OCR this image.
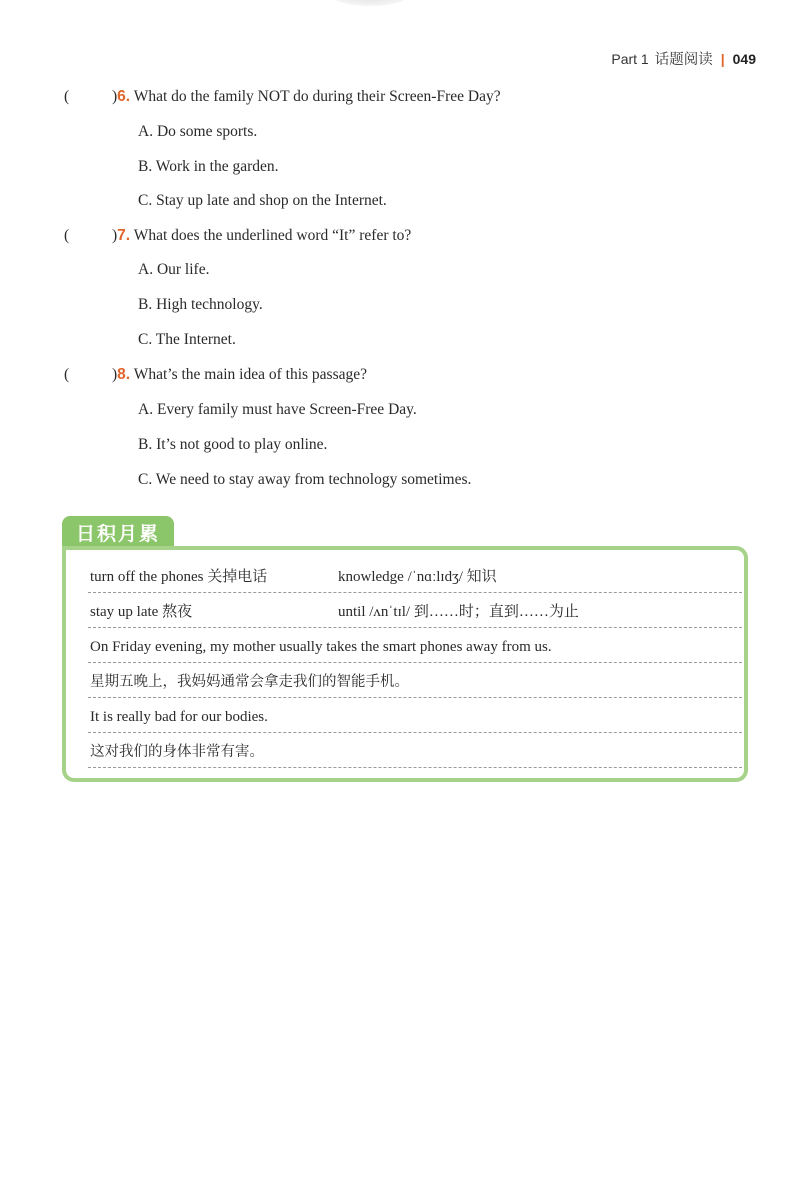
Part 1 话题阅读 | 049
(	)6. What do the family NOT do during their Screen-Free Day?
A. Do some sports.
B. Work in the garden.
C. Stay up late and shop on the Internet.
(	)7. What does the underlined word “It” refer to?
A. Our life.
B. High technology.
C. The Internet.
(	)8. What’s the main idea of this passage?
A. Every family must have Screen-Free Day.
B. It’s not good to play online.
C. We need to stay away from technology sometimes.
日积月累
turn off the phones 关掉电话	knowledge /ˈnɑːlɪdʒ/ 知识
stay up late 熬夜	until /ʌnˈtɪl/ 到……时；直到……为止
On Friday evening, my mother usually takes the smart phones away from us.
星期五晚上，我妈妈通常会拿走我们的智能手机。
It is really bad for our bodies.
这对我们的身体非常有害。
